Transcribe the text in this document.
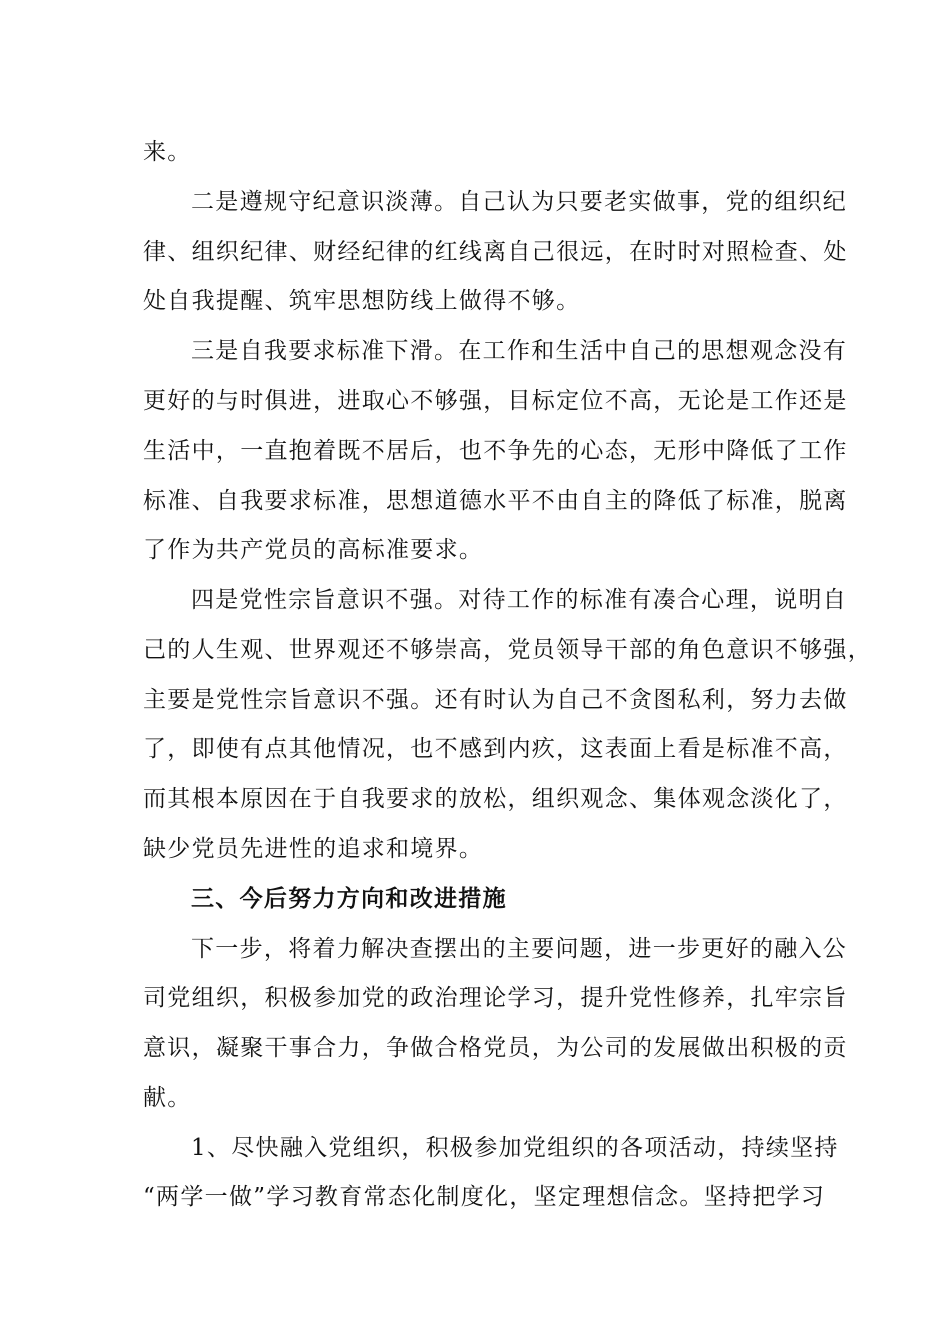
来。
二是遵规守纪意识淡薄。自己认为只要老实做事，党的组织纪
律、组织纪律、财经纪律的红线离自己很远，在时时对照检查、处
处自我提醒、筑牢思想防线上做得不够。
三是自我要求标准下滑。在工作和生活中自己的思想观念没有
更好的与时俱进，进取心不够强，目标定位不高，无论是工作还是
生活中，一直抱着既不居后，也不争先的心态，无形中降低了工作
标准、自我要求标准，思想道德水平不由自主的降低了标准，脱离
了作为共产党员的高标准要求。
四是党性宗旨意识不强。对待工作的标准有凑合心理，说明自
己的人生观、世界观还不够崇高，党员领导干部的角色意识不够强，
主要是党性宗旨意识不强。还有时认为自己不贪图私利，努力去做
了，即使有点其他情况，也不感到内疚，这表面上看是标准不高，
而其根本原因在于自我要求的放松，组织观念、集体观念淡化了，
缺少党员先进性的追求和境界。
三、今后努力方向和改进措施
下一步，将着力解决查摆出的主要问题，进一步更好的融入公
司党组织，积极参加党的政治理论学习，提升党性修养，扎牢宗旨
意识，凝聚干事合力，争做合格党员，为公司的发展做出积极的贡
献。
1、尽快融入党组织，积极参加党组织的各项活动，持续坚持
“两学一做”学习教育常态化制度化，坚定理想信念。坚持把学习
